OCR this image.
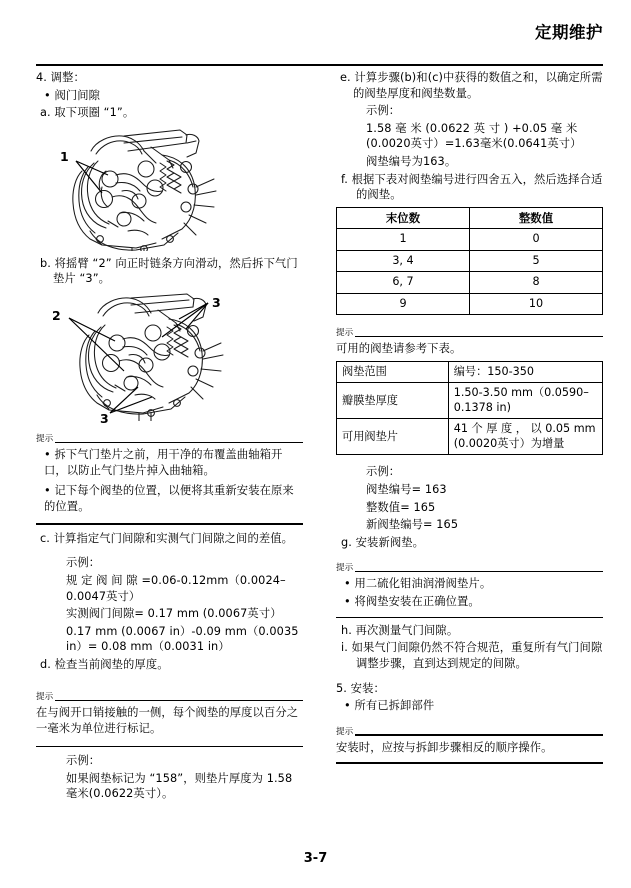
定期维护
4. 调整：
• 阀门间隙
a. 取下项圈 “1”。
1
b. 将摇臂 “2” 向正时链条方向滑动，然后拆下气门垫片 “3”。
2
3
3
提示
• 拆下气门垫片之前，用干净的布覆盖曲轴箱开口，以防止气门垫片掉入曲轴箱。
• 记下每个阀垫的位置，以便将其重新安装在原来的位置。
c. 计算指定气门间隙和实测气门间隙之间的差值。
示例：
规 定 阀 间 隙 =0.06-0.12mm（0.0024–0.0047英寸）
实测阀门间隙= 0.17 mm (0.0067英寸）
0.17 mm (0.0067 in）-0.09 mm（0.0035 in）= 0.08 mm（0.0031 in）
d. 检查当前阀垫的厚度。
提示
在与阀开口销接触的一侧，每个阀垫的厚度以百分之一毫米为单位进行标记。
示例：
如果阀垫标记为 “158”，则垫片厚度为 1.58毫米(0.0622英寸）。
e. 计算步骤(b)和(c)中获得的数值之和，以确定所需的阀垫厚度和阀垫数量。
示例：
1.58 毫 米 (0.0622 英 寸 ) +0.05 毫 米 (0.0020英寸）=1.63毫米(0.0641英寸）
阀垫编号为163。
f. 根据下表对阀垫编号进行四舍五入，然后选择合适的阀垫。
末位数	整数值
1	0
3, 4	5
6, 7	8
9	10
提示
可用的阀垫请参考下表。
阀垫范围	编号：150-350
瓣膜垫厚度	1.50-3.50 mm（0.0590–0.1378 in)
可用阀垫片	41 个 厚 度 ， 以 0.05 mm (0.0020英寸）为增量
示例：
阀垫编号= 163
整数值= 165
新阀垫编号= 165
g. 安装新阀垫。
提示
• 用二硫化钼油润滑阀垫片。
• 将阀垫安装在正确位置。
h. 再次测量气门间隙。
i. 如果气门间隙仍然不符合规范，重复所有气门间隙调整步骤，直到达到规定的间隙。
5. 安装：
• 所有已拆卸部件
提示
安装时，应按与拆卸步骤相反的顺序操作。
3-7
